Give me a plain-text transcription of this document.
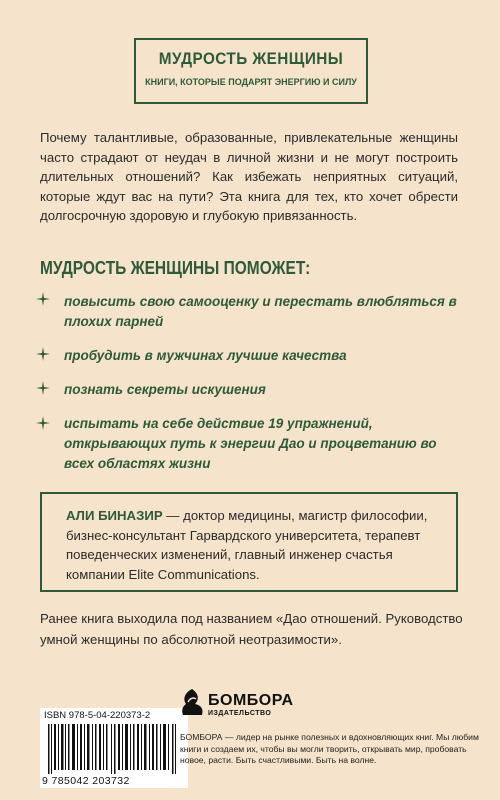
МУДРОСТЬ ЖЕНЩИНЫ
КНИГИ, КОТОРЫЕ ПОДАРЯТ ЭНЕРГИЮ И СИЛУ
Почему талантливые, образованные, привлекательные женщины часто страдают от неудач в личной жизни и не могут построить длительных отношений? Как избежать неприятных ситуаций, которые ждут вас на пути? Эта книга для тех, кто хочет обрести долгосрочную здоровую и глубокую привязанность.
МУДРОСТЬ ЖЕНЩИНЫ ПОМОЖЕТ:
повысить свою самооценку и перестать влюбляться в плохих парней
пробудить в мужчинах лучшие качества
познать секреты искушения
испытать на себе действие 19 упражнений, открывающих путь к энергии Дао и процветанию во всех областях жизни
АЛИ БИНАЗИР — доктор медицины, магистр философии, бизнес-консультант Гарвардского университета, терапевт поведенческих изменений, главный инженер счастья компании Elite Communications.
Ранее книга выходила под названием «Дао отношений. Руководство умной женщины по абсолютной неотразимости».
ISBN 978-5-04-220373-2
9 785042 203732
БОМБОРА
ИЗДАТЕЛЬСТВО
БОМБОРА — лидер на рынке полезных и вдохновляющих книг. Мы любим книги и создаем их, чтобы вы могли творить, открывать мир, пробовать новое, расти. Быть счастливыми. Быть на волне.
